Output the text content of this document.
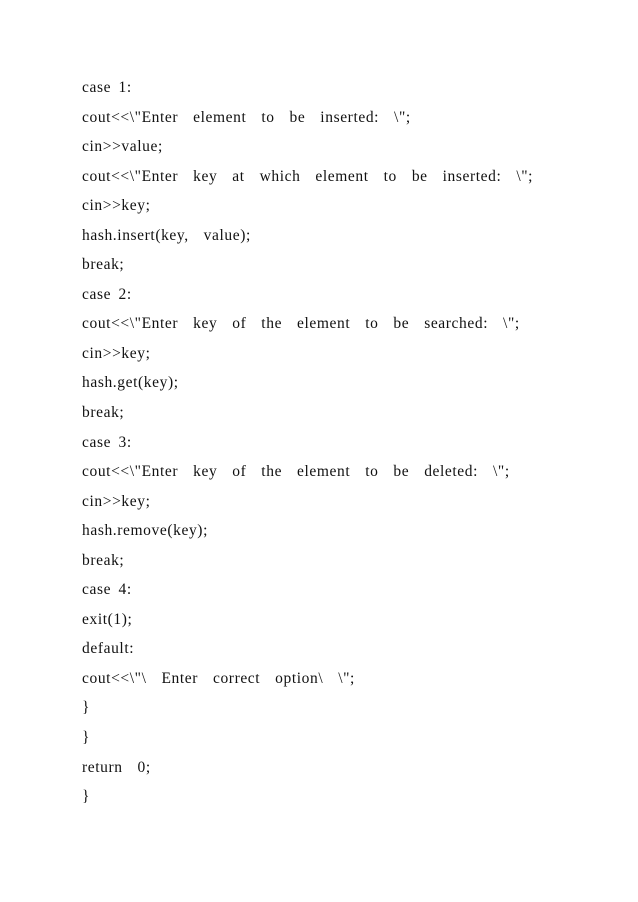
case 1:
cout<<\"Enter  element  to  be  inserted:  \";
cin>>value;
cout<<\"Enter  key  at  which  element  to  be  inserted:  \";
cin>>key;
hash.insert(key,  value);
break;
case 2:
cout<<\"Enter  key  of  the  element  to  be  searched:  \";
cin>>key;
hash.get(key);
break;
case 3:
cout<<\"Enter  key  of  the  element  to  be  deleted:  \";
cin>>key;
hash.remove(key);
break;
case 4:
exit(1);
default:
cout<<\"\  Enter  correct  option\  \";
}
}
return  0;
}
